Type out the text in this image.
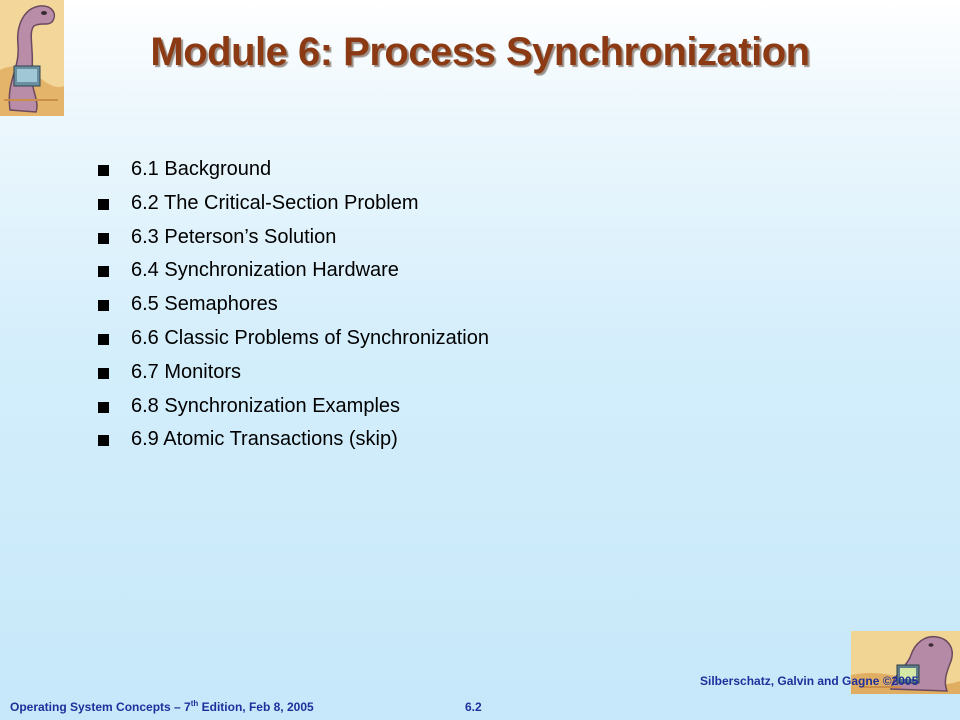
Module 6: Process Synchronization
6.1 Background
6.2 The Critical-Section Problem
6.3 Peterson’s Solution
6.4 Synchronization Hardware
6.5 Semaphores
6.6 Classic Problems of Synchronization
6.7 Monitors
6.8 Synchronization Examples
6.9 Atomic Transactions (skip)
Operating System Concepts – 7th Edition, Feb 8, 2005	6.2
Silberschatz, Galvin and Gagne ©2005
